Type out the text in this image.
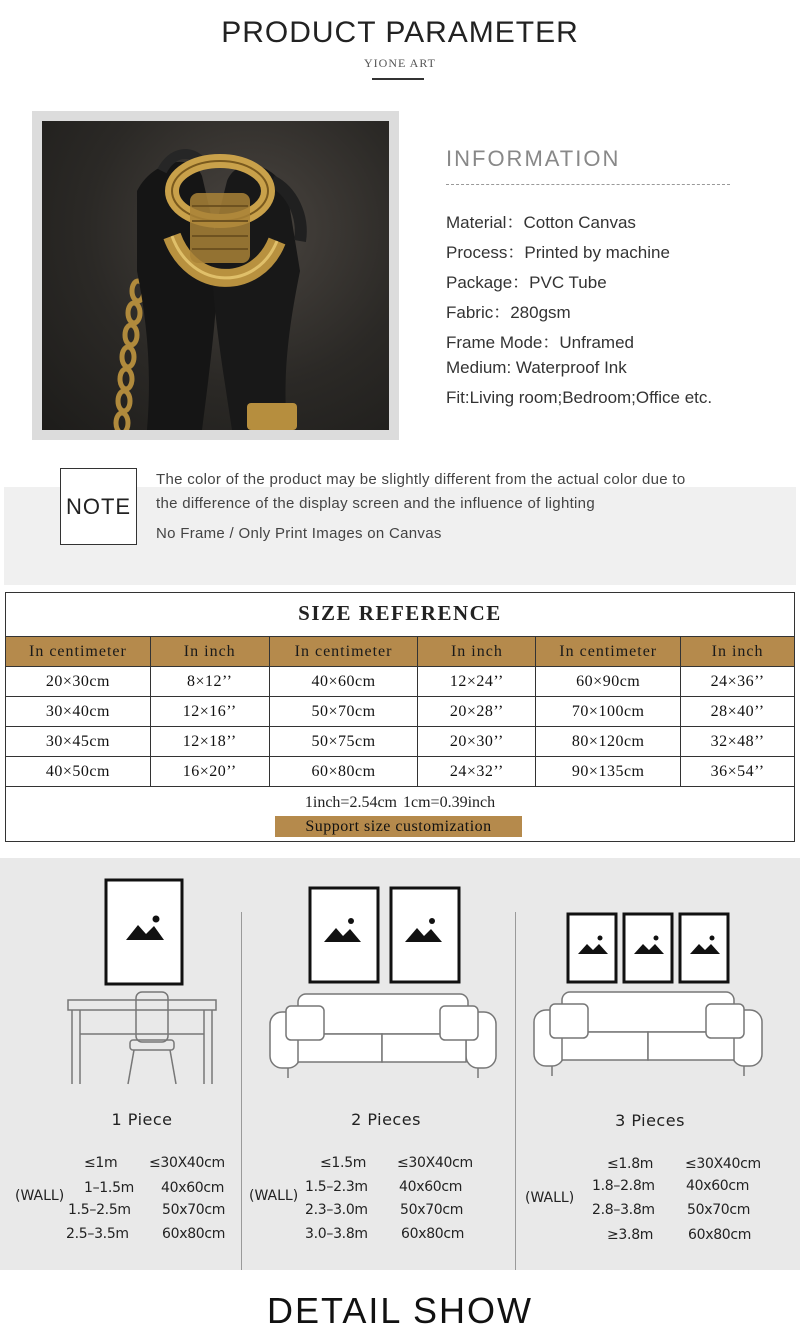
PRODUCT PARAMETER
YIONE ART
INFORMATION
Material：Cotton Canvas
Process：Printed by machine
Package：PVC Tube
Fabric：280gsm
Frame Mode：Unframed
Medium: Waterproof Ink
Fit:Living room;Bedroom;Office etc.
NOTE
The color of the product may be slightly different from the actual color due to
the difference of the display screen and the influence of lighting
No Frame / Only Print Images on Canvas
SIZE REFERENCE
In centimeter	In inch	In centimeter	In inch	In centimeter	In inch
20×30cm	8×12’’	40×60cm	12×24’’	60×90cm	24×36’’
30×40cm	12×16’’	50×70cm	20×28’’	70×100cm	28×40’’
30×45cm	12×18’’	50×75cm	20×30’’	80×120cm	32×48’’
40×50cm	16×20’’	60×80cm	24×32’’	90×135cm	36×54’’
1inch=2.54cm 1cm=0.39inch
Support size customization
1 Piece	2 Pieces	3 Pieces
(WALL)
≤1m ≤30X40cm
1–1.5m 40x60cm
1.5–2.5m 50x70cm
2.5–3.5m 60x80cm
(WALL)
≤1.5m ≤30X40cm
1.5–2.3m 40x60cm
2.3–3.0m 50x70cm
3.0–3.8m 60x80cm
(WALL)
≤1.8m ≤30X40cm
1.8–2.8m 40x60cm
2.8–3.8m 50x70cm
≥3.8m 60x80cm
DETAIL SHOW
